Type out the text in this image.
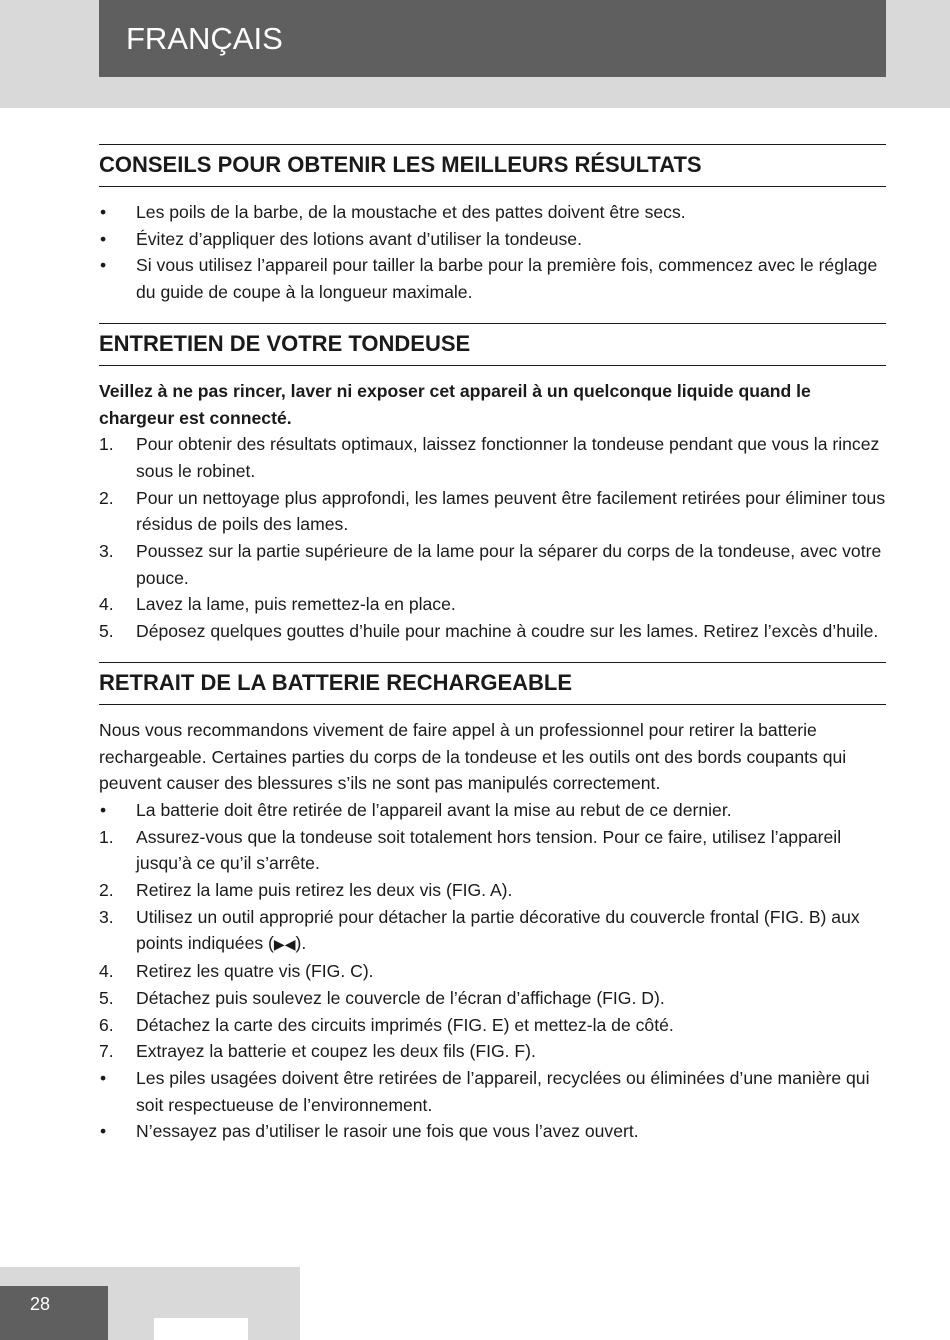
FRANÇAIS
CONSEILS POUR OBTENIR LES MEILLEURS RÉSULTATS
•	Les poils de la barbe, de la moustache et des pattes doivent être secs.
•	Évitez d’appliquer des lotions avant d’utiliser la tondeuse.
•	Si vous utilisez l’appareil pour tailler la barbe pour la première fois, commencez avec le réglage du guide de coupe à la longueur maximale.
ENTRETIEN DE VOTRE TONDEUSE
Veillez à ne pas rincer, laver ni exposer cet appareil à un quelconque liquide quand le chargeur est connecté.
1.	Pour obtenir des résultats optimaux, laissez fonctionner la tondeuse pendant que vous la rincez sous le robinet.
2.	Pour un nettoyage plus approfondi, les lames peuvent être facilement retirées pour éliminer tous résidus de poils des lames.
3.	Poussez sur la partie supérieure de la lame pour la séparer du corps de la tondeuse, avec votre pouce.
4.	Lavez la lame, puis remettez-la en place.
5.	Déposez quelques gouttes d’huile pour machine à coudre sur les lames. Retirez l’excès d’huile.
RETRAIT DE LA BATTERIE RECHARGEABLE
Nous vous recommandons vivement de faire appel à un professionnel pour retirer la batterie rechargeable. Certaines parties du corps de la tondeuse et les outils ont des bords coupants qui peuvent causer des blessures s’ils ne sont pas manipulés correctement.
•	La batterie doit être retirée de l’appareil avant la mise au rebut de ce dernier.
1.	Assurez-vous que la tondeuse soit totalement hors tension. Pour ce faire, utilisez l’appareil jusqu’à ce qu’il s’arrête.
2.	Retirez la lame puis retirez les deux vis (FIG. A).
3.	Utilisez un outil approprié pour détacher la partie décorative du couvercle frontal (FIG. B) aux points indiquées (▶◀).
4.	Retirez les quatre vis (FIG. C).
5.	Détachez puis soulevez le couvercle de l’écran d’affichage (FIG. D).
6.	Détachez la carte des circuits imprimés (FIG. E) et mettez-la de côté.
7.	Extrayez la batterie et coupez les deux fils (FIG. F).
•	Les piles usagées doivent être retirées de l’appareil, recyclées ou éliminées d’une manière qui soit respectueuse de l’environnement.
•	N’essayez pas d’utiliser le rasoir une fois que vous l’avez ouvert.
28
